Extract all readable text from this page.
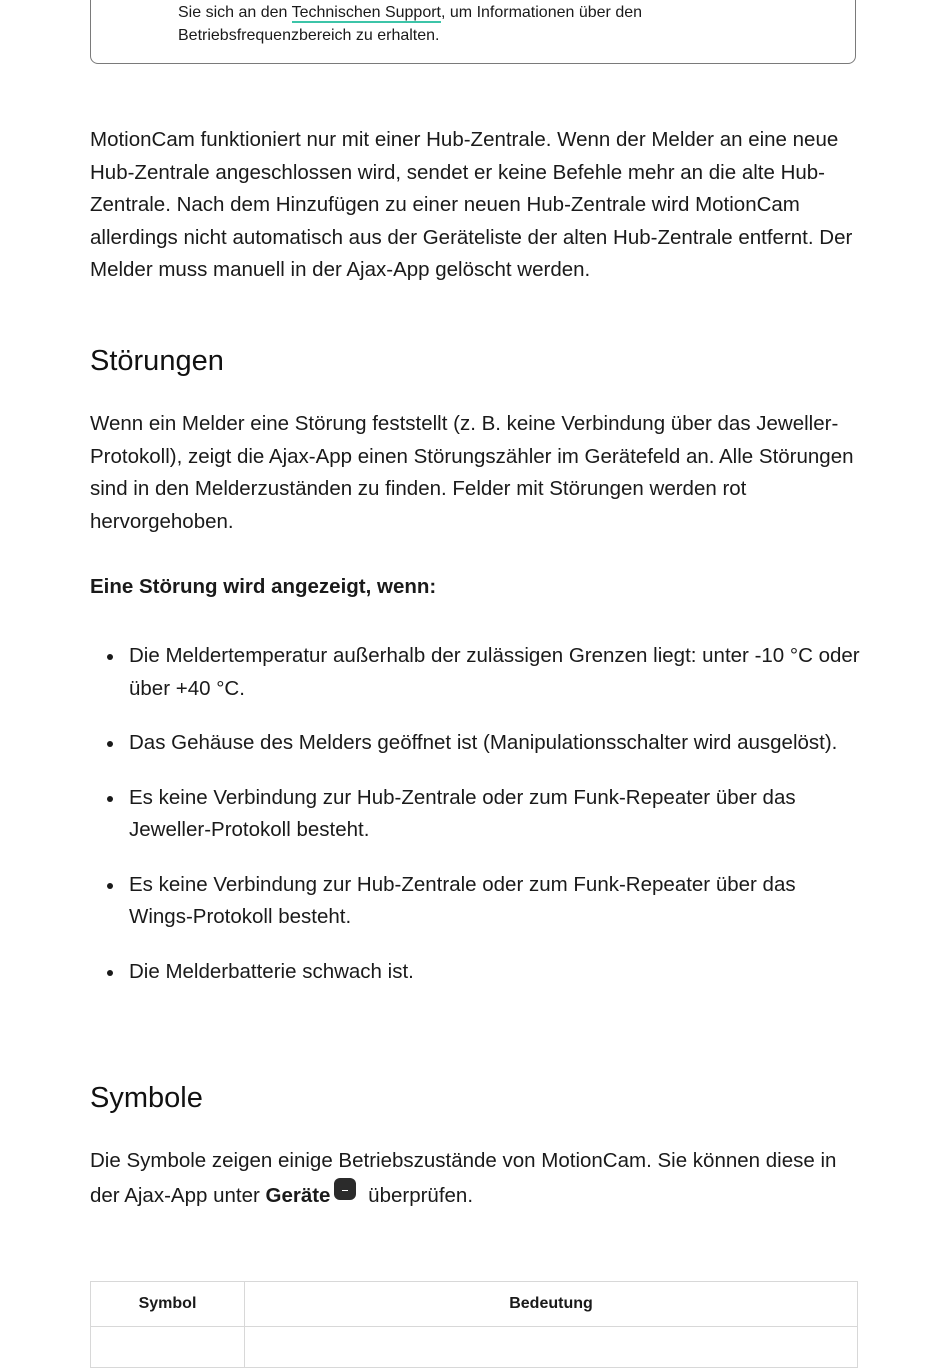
Sie sich an den Technischen Support, um Informationen über den
Betriebsfrequenzbereich zu erhalten.

MotionCam funktioniert nur mit einer Hub-Zentrale. Wenn der Melder an eine neue Hub-Zentrale angeschlossen wird, sendet er keine Befehle mehr an die alte Hub-Zentrale. Nach dem Hinzufügen zu einer neuen Hub-Zentrale wird MotionCam allerdings nicht automatisch aus der Geräteliste der alten Hub-Zentrale entfernt. Der Melder muss manuell in der Ajax-App gelöscht werden.

Störungen

Wenn ein Melder eine Störung feststellt (z. B. keine Verbindung über das Jeweller-Protokoll), zeigt die Ajax-App einen Störungszähler im Gerätefeld an. Alle Störungen sind in den Melderzuständen zu finden. Felder mit Störungen werden rot hervorgehoben.

Eine Störung wird angezeigt, wenn:

Die Meldertemperatur außerhalb der zulässigen Grenzen liegt: unter -10 °C oder über +40 °C.
Das Gehäuse des Melders geöffnet ist (Manipulationsschalter wird ausgelöst).
Es keine Verbindung zur Hub-Zentrale oder zum Funk-Repeater über das Jeweller-Protokoll besteht.
Es keine Verbindung zur Hub-Zentrale oder zum Funk-Repeater über das Wings-Protokoll besteht.
Die Melderbatterie schwach ist.
Symbole

Die Symbole zeigen einige Betriebszustände von MotionCam. Sie können diese in der Ajax-App unter Geräte überprüfen.

Symbol	Bedeutung
